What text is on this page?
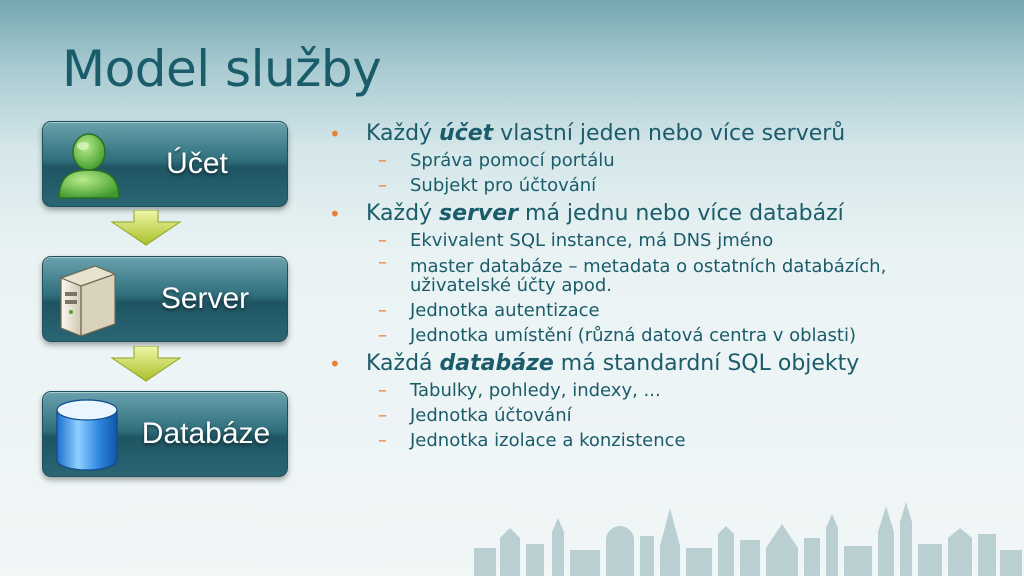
Model služby
Účet
Server
Databáze
• Každý účet vlastní jeden nebo více serverů
– Správa pomocí portálu
– Subjekt pro účtování
• Každý server má jednu nebo více databází
– Ekvivalent SQL instance, má DNS jméno
– master databáze – metadata o ostatních databázích, uživatelské účty apod.
– Jednotka autentizace
– Jednotka umístění (různá datová centra v oblasti)
• Každá databáze má standardní SQL objekty
– Tabulky, pohledy, indexy, ...
– Jednotka účtování
– Jednotka izolace a konzistence
